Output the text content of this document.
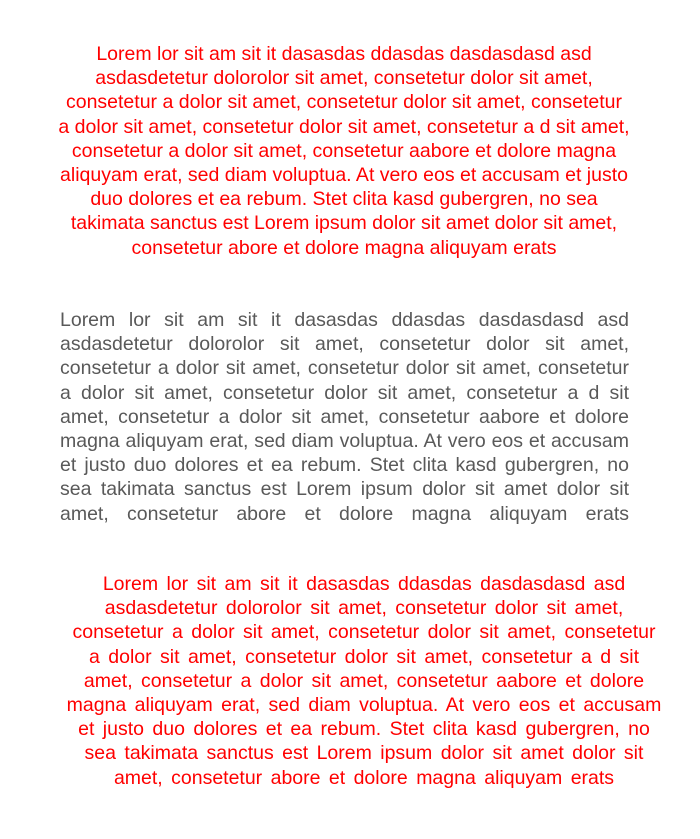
Lorem lor sit am sit it dasasdas ddasdas dasdasdasd asd asdasdetetur dolorolor sit amet, consetetur dolor sit amet, consetetur a dolor sit amet, consetetur dolor sit amet, consetetur a dolor sit amet, consetetur dolor sit amet, consetetur a d sit amet, consetetur a dolor sit amet, consetetur aabore et dolore magna aliquyam erat, sed diam voluptua. At vero eos et accusam et justo duo dolores et ea rebum. Stet clita kasd gubergren, no sea takimata sanctus est Lorem ipsum dolor sit amet dolor sit amet, consetetur abore et dolore magna aliquyam erats

Lorem lor sit am sit it dasasdas ddasdas dasdasdasd asd asdasdetetur dolorolor sit amet, consetetur dolor sit amet, consetetur a dolor sit amet, consetetur dolor sit amet, consetetur a dolor sit amet, consetetur dolor sit amet, consetetur a d sit amet, consetetur a dolor sit amet, consetetur aabore et dolore magna aliquyam erat, sed diam voluptua. At vero eos et accusam et justo duo dolores et ea rebum. Stet clita kasd gubergren, no sea takimata sanctus est Lorem ipsum dolor sit amet dolor sit amet, consetetur abore et dolore magna aliquyam erats

Lorem lor sit am sit it dasasdas ddasdas dasdasdasd asd asdasdetetur dolorolor sit amet, consetetur dolor sit amet, consetetur a dolor sit amet, consetetur dolor sit amet, consetetur a dolor sit amet, consetetur dolor sit amet, consetetur a d sit amet, consetetur a dolor sit amet, consetetur aabore et dolore magna aliquyam erat, sed diam voluptua. At vero eos et accusam et justo duo dolores et ea rebum. Stet clita kasd gubergren, no sea takimata sanctus est Lorem ipsum dolor sit amet dolor sit amet, consetetur abore et dolore magna aliquyam erats
